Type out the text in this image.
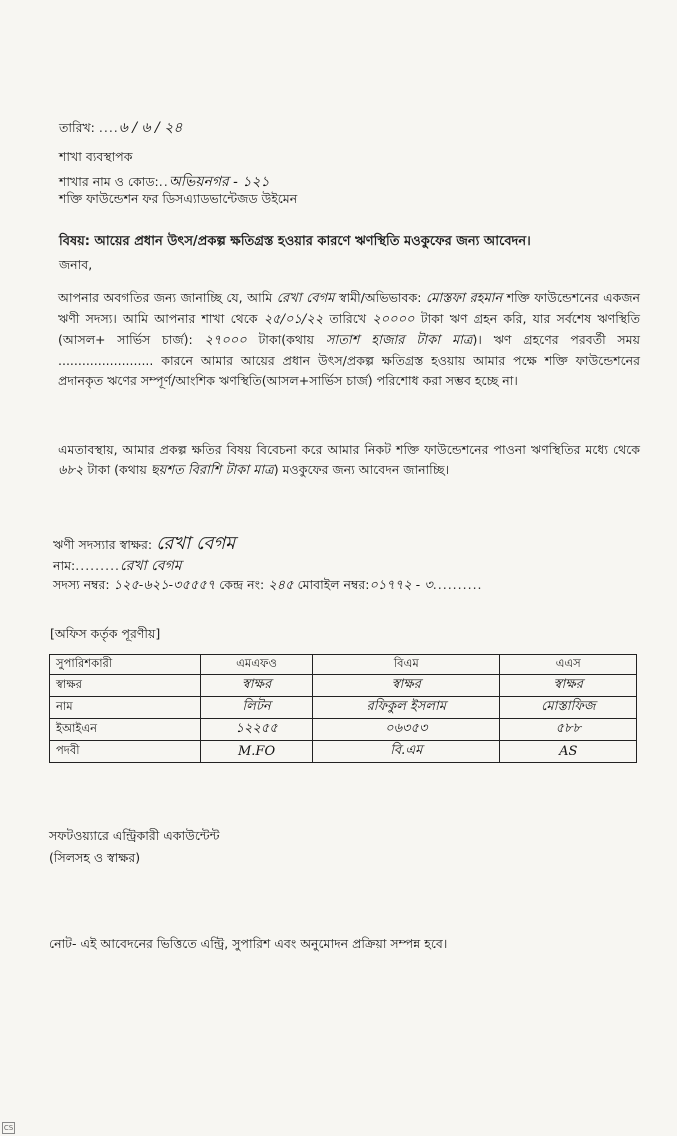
তারিখ: ....৬ / ৬ / ২৪
শাখা ব্যবস্থাপক
শাখার নাম ও কোড:..অভিয়নগর - ১২১
শক্তি ফাউন্ডেশন ফর ডিসএ্যাডভান্টেজড উইমেন
বিষয়: আয়ের প্রধান উৎস/প্রকল্প ক্ষতিগ্রস্ত হওয়ার কারণে ঋণস্থিতি মওকুফের জন্য আবেদন।
জনাব,
আপনার অবগতির জন্য জানাচ্ছি যে, আমি রেখা বেগম স্বামী/অভিভাবক: মোস্তফা রহমান শক্তি ফাউন্ডেশনের একজন ঋণী সদস্য। আমি আপনার শাখা থেকে ২৫/০১/২২ তারিখে ২০০০০ টাকা ঋণ গ্রহন করি, যার সর্বশেষ ঋণস্থিতি (আসল+ সার্ভিস চার্জ): ২৭০০০ টাকা(কথায় সাতাশ হাজার টাকা মাত্র)। ঋণ গ্রহণের পরবর্তী সময় ........................ কারনে আমার আয়ের প্রধান উৎস/প্রকল্প ক্ষতিগ্রস্ত হওয়ায় আমার পক্ষে শক্তি ফাউন্ডেশনের প্রদানকৃত ঋণের সম্পূর্ণ/আংশিক ঋণস্থিতি(আসল+সার্ভিস চার্জ) পরিশোধ করা সম্ভব হচ্ছে না।
এমতাবস্থায়, আমার প্রকল্প ক্ষতির বিষয় বিবেচনা করে আমার নিকট শক্তি ফাউন্ডেশনের পাওনা ঋণস্থিতির মধ্যে থেকে ৬৮২ টাকা (কথায় ছয়শত বিরাশি টাকা মাত্র) মওকুফের জন্য আবেদন জানাচ্ছি।
ঋণী সদস্যার স্বাক্ষর: রেখা বেগম
নাম:.........রেখা বেগম
সদস্য নম্বর: ১২৫-৬২১-৩৫৫৫৭ কেন্দ্র নং: ২৪৫ মোবাইল নম্বর:০১৭৭২ - ৩..........
[অফিস কর্তৃক পূরণীয়]
সুপারিশকারী	এমএফও	বিএম	এএস
স্বাক্ষর	স্বাক্ষর	স্বাক্ষর	স্বাক্ষর
নাম	লিটন	রফিকুল ইসলাম	মোস্তাফিজ
ইআইএন	১২২৫৫	০৬৩৫৩	৫৮৮
পদবী	M.FO	বি.এম	AS
সফটওয়্যারে এন্ট্রিকারী একাউন্টেন্ট
(সিলসহ ও স্বাক্ষর)
নোট- এই আবেদনের ভিত্তিতে এন্ট্রি, সুপারিশ এবং অনুমোদন প্রক্রিয়া সম্পন্ন হবে।
CS
